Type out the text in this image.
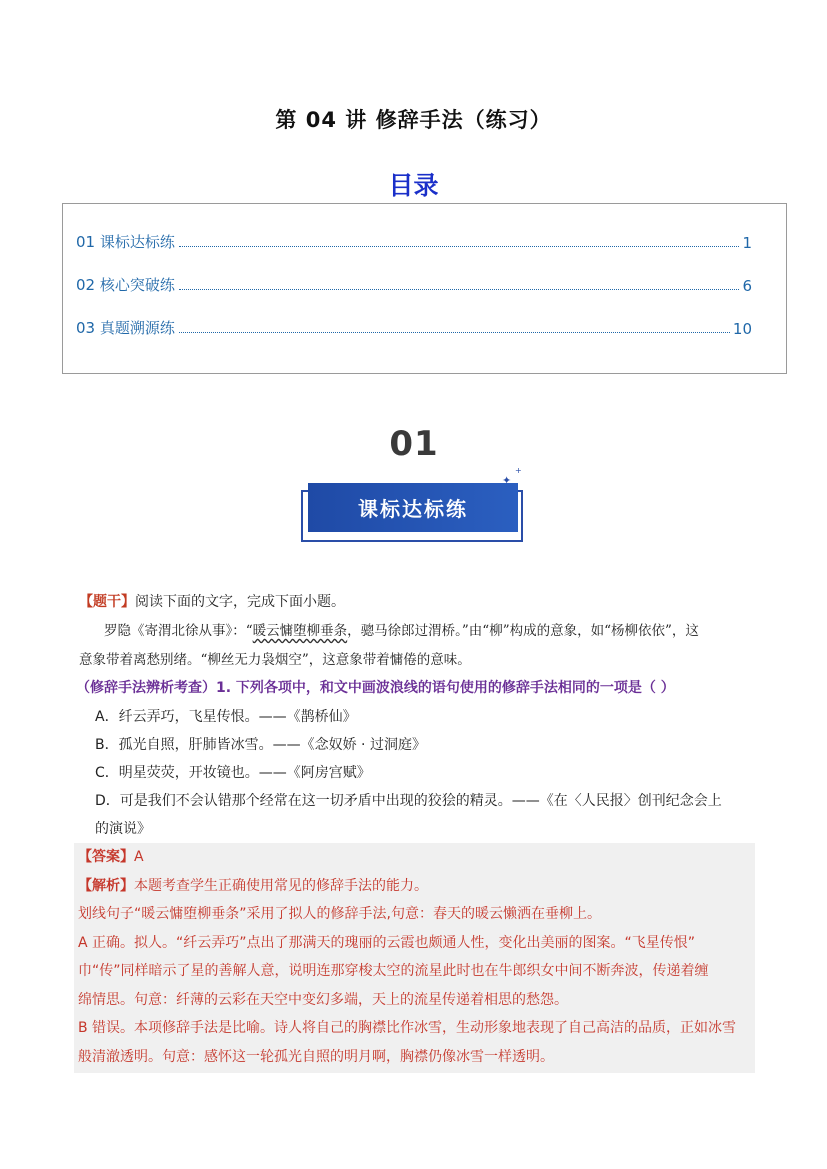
第 04 讲 修辞手法（练习）
目录
01 课标达标练	1
02 核心突破练	6
03 真题溯源练	10
01
课标达标练
✦
+
【题干】阅读下面的文字，完成下面小题。
罗隐《寄渭北徐从事》：“暖云慵堕柳垂条，骢马徐郎过渭桥。”由“柳”构成的意象，如“杨柳依依”，这
意象带着离愁别绪。“柳丝无力袅烟空”，这意象带着慵倦的意味。
（修辞手法辨析考查）1. 下列各项中，和文中画波浪线的语句使用的修辞手法相同的一项是（ ）
A．纤云弄巧，飞星传恨。——《鹊桥仙》
B．孤光自照，肝肺皆冰雪。——《念奴娇 · 过洞庭》
C．明星荧荧，开妆镜也。——《阿房宫赋》
D．可是我们不会认错那个经常在这一切矛盾中出现的狡狯的精灵。——《在〈人民报〉创刊纪念会上
的演说》

【答案】A

【解析】本题考查学生正确使用常见的修辞手法的能力。

划线句子“暖云慵堕柳垂条”采用了拟人的修辞手法,句意：春天的暖云懒洒在垂柳上。

A 正确。拟人。“纤云弄巧”点出了那满天的瑰丽的云霞也颇通人性，变化出美丽的图案。“飞星传恨”

巾“传”同样暗示了星的善解人意，说明连那穿梭太空的流星此时也在牛郎织女中间不断奔波，传递着缠

绵情思。句意：纤薄的云彩在天空中变幻多端，天上的流星传递着相思的愁怨。

B 错误。本项修辞手法是比喻。诗人将自己的胸襟比作冰雪，生动形象地表现了自己高洁的品质，正如冰雪

般清澈透明。句意：感怀这一轮孤光自照的明月啊，胸襟仍像冰雪一样透明。
